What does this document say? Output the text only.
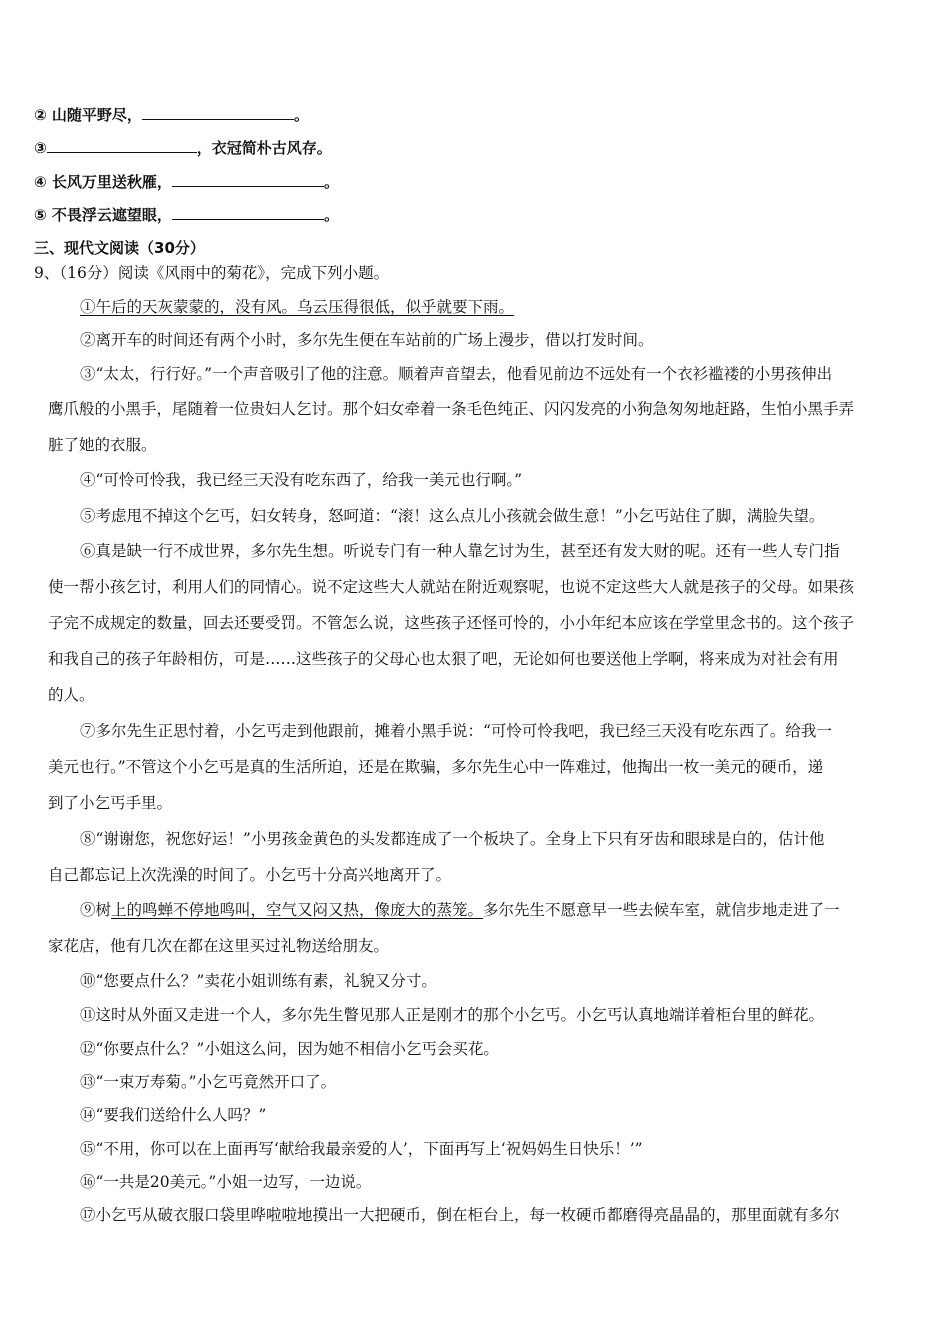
② 山随平野尽，	。
③	，衣冠简朴古风存。
④ 长风万里送秋雁，	。
⑤ 不畏浮云遮望眼，	。
三、现代文阅读（30分）
9、（16分）阅读《风雨中的菊花》，完成下列小题。
①午后的天灰蒙蒙的，没有风。乌云压得很低，似乎就要下雨。
②离开车的时间还有两个小时，多尔先生便在车站前的广场上漫步，借以打发时间。
③“太太，行行好。”一个声音吸引了他的注意。顺着声音望去，他看见前边不远处有一个衣衫褴褛的小男孩伸出
鹰爪般的小黑手，尾随着一位贵妇人乞讨。那个妇女牵着一条毛色纯正、闪闪发亮的小狗急匆匆地赶路，生怕小黑手弄
脏了她的衣服。
④“可怜可怜我，我已经三天没有吃东西了，给我一美元也行啊。”
⑤考虑甩不掉这个乞丐，妇女转身，怒呵道：“滚！这么点儿小孩就会做生意！”小乞丐站住了脚，满脸失望。
⑥真是缺一行不成世界，多尔先生想。听说专门有一种人靠乞讨为生，甚至还有发大财的呢。还有一些人专门指
使一帮小孩乞讨，利用人们的同情心。说不定这些大人就站在附近观察呢，也说不定这些大人就是孩子的父母。如果孩
子完不成规定的数量，回去还要受罚。不管怎么说，这些孩子还怪可怜的，小小年纪本应该在学堂里念书的。这个孩子
和我自己的孩子年龄相仿，可是……这些孩子的父母心也太狠了吧，无论如何也要送他上学啊，将来成为对社会有用
的人。
⑦多尔先生正思忖着，小乞丐走到他跟前，摊着小黑手说：“可怜可怜我吧，我已经三天没有吃东西了。给我一
美元也行。”不管这个小乞丐是真的生活所迫，还是在欺骗，多尔先生心中一阵难过，他掏出一枚一美元的硬币，递
到了小乞丐手里。
⑧“谢谢您，祝您好运！”小男孩金黄色的头发都连成了一个板块了。全身上下只有牙齿和眼球是白的，估计他
自己都忘记上次洗澡的时间了。小乞丐十分高兴地离开了。
⑨树上的鸣蝉不停地鸣叫，空气又闷又热，像庞大的蒸笼。多尔先生不愿意早一些去候车室，就信步地走进了一
家花店，他有几次在都在这里买过礼物送给朋友。
⑩“您要点什么？”卖花小姐训练有素，礼貌又分寸。
⑪这时从外面又走进一个人，多尔先生瞥见那人正是刚才的那个小乞丐。小乞丐认真地端详着柜台里的鲜花。
⑫“你要点什么？”小姐这么问，因为她不相信小乞丐会买花。
⑬“一束万寿菊。”小乞丐竟然开口了。
⑭“要我们送给什么人吗？”
⑮“不用，你可以在上面再写‘献给我最亲爱的人’，下面再写上‘祝妈妈生日快乐！’”
⑯“一共是20美元。”小姐一边写，一边说。
⑰小乞丐从破衣服口袋里哗啦啦地摸出一大把硬币，倒在柜台上，每一枚硬币都磨得亮晶晶的，那里面就有多尔
